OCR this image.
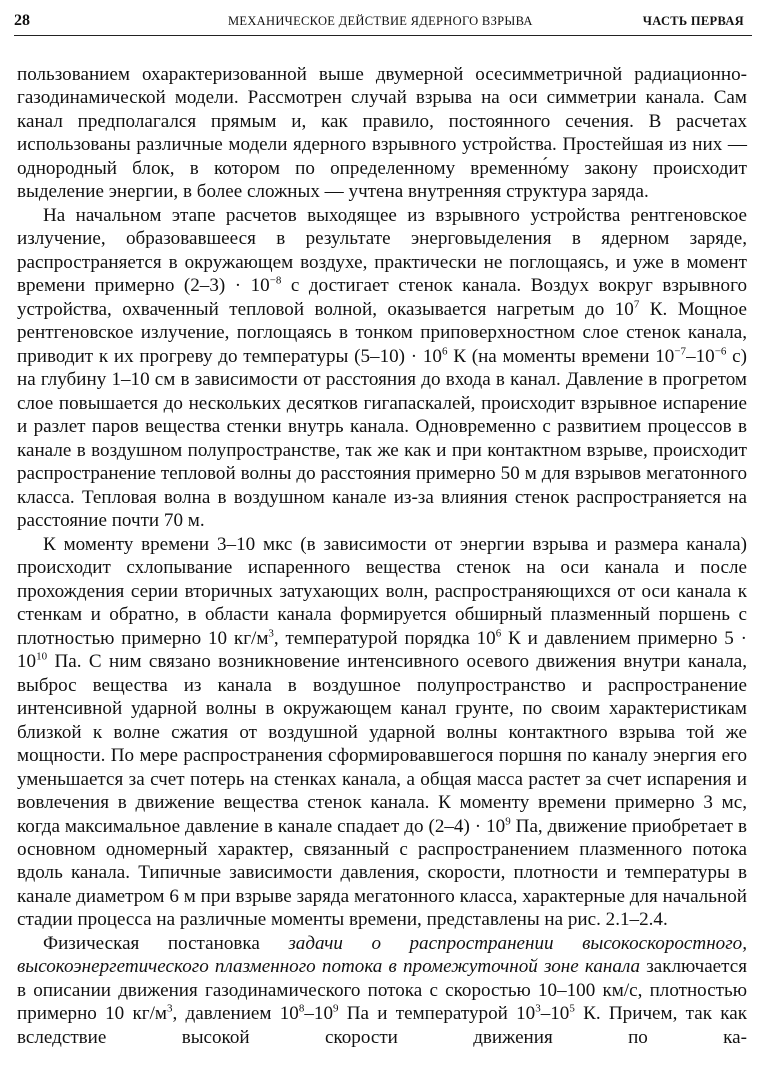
28	МЕХАНИЧЕСКОЕ ДЕЙСТВИЕ ЯДЕРНОГО ВЗРЫВА	ЧАСТЬ ПЕРВАЯ

пользованием охарактеризованной выше двумерной осесимметричной радиационно-газодинамической модели. Рассмотрен случай взрыва на оси симметрии канала. Сам канал предполагался прямым и, как правило, постоянного сечения. В расчетах использованы различные модели ядерного взрывного устройства. Простейшая из них — однородный блок, в котором по определенному временно́му закону происходит выделение энергии, в более сложных — учтена внутренняя структура заряда.

На начальном этапе расчетов выходящее из взрывного устройства рентгеновское излучение, образовавшееся в результате энерговыделения в ядерном заряде, распространяется в окружающем воздухе, практически не поглощаясь, и уже в момент времени примерно $(2-3) \cdot 10^{-8}$ с достигает стенок канала. Воздух вокруг взрывного устройства, охваченный тепловой волной, оказывается нагретым до $10^7$ К. Мощное рентгеновское излучение, поглощаясь в тонком приповерхностном слое стенок канала, приводит к их прогреву до температуры $(5-10) \cdot 10^6$ К (на моменты времени $10^{-7}-10^{-6}$ с) на глубину 1–10 см в зависимости от расстояния до входа в канал. Давление в прогретом слое повышается до нескольких десятков гигапаскалей, происходит взрывное испарение и разлет паров вещества стенки внутрь канала. Одновременно с развитием процессов в канале в воздушном полупространстве, так же как и при контактном взрыве, происходит распространение тепловой волны до расстояния примерно 50 м для взрывов мегатонного класса. Тепловая волна в воздушном канале из-за влияния стенок распространяется на расстояние почти 70 м.

К моменту времени 3–10 мкс (в зависимости от энергии взрыва и размера канала) происходит схлопывание испаренного вещества стенок на оси канала и после прохождения серии вторичных затухающих волн, распространяющихся от оси канала к стенкам и обратно, в области канала формируется обширный плазменный поршень с плотностью примерно 10 $кг/м^3$, температурой порядка $10^6$ К и давлением примерно $5 \cdot 10^{10}$ Па. С ним связано возникновение интенсивного осевого движения внутри канала, выброс вещества из канала в воздушное полупространство и распространение интенсивной ударной волны в окружающем канал грунте, по своим характеристикам близкой к волне сжатия от воздушной ударной волны контактного взрыва той же мощности. По мере распространения сформировавшегося поршня по каналу энергия его уменьшается за счет потерь на стенках канала, а общая масса растет за счет испарения и вовлечения в движение вещества стенок канала. К моменту времени примерно 3 мс, когда максимальное давление в канале спадает до $(2-4) \cdot 10^9$ Па, движение приобретает в основном одномерный характер, связанный с распространением плазменного потока вдоль канала. Типичные зависимости давления, скорости, плотности и температуры в канале диаметром 6 м при взрыве заряда мегатонного класса, характерные для начальной стадии процесса на различные моменты времени, представлены на рис. 2.1–2.4.

Физическая постановка задачи о распространении высокоскоростного, высокоэнергетического плазменного потока в промежуточной зоне канала заключается в описании движения газодинамического потока с скоростью 10–100 км/с, плотностью примерно 10 $кг/м^3$, давлением $10^8-10^9$ Па и температурой $10^3-10^5$ К. Причем, так как вследствие высокой скорости движения по ка-
